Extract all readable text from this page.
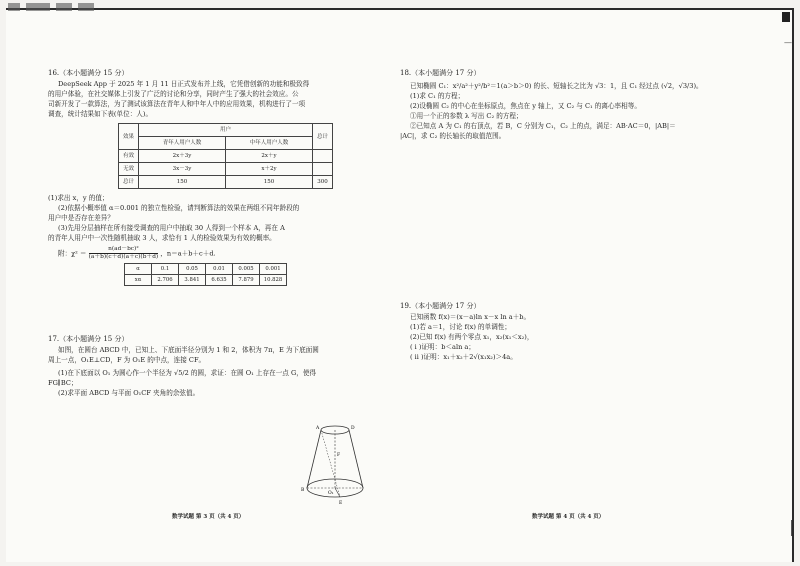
—
16.（本小题满分 15 分）
DeepSeek App 于 2025 年 1 月 11 日正式发布并上线，它凭借创新的功能和极致得
的用户体验，在社交媒体上引发了广泛的讨论和分享，同时产生了强大的社会效应。公
司新开发了一款算法，为了测试该算法在青年人和中年人中的应用效果，机构进行了一项
调查，统计结果如下表(单位：人)。
效果	用户		总计
	青年人用户人数	中年人用户人数	
有效	2x＋3y	2x＋y	
无效	3x－3y	x＋2y	
总计	150	150	300
(1)求出 x，y 的值；
(2)依据小概率值 α＝0.001 的独立性检验，请判断算法的效果在两组不同年龄段的
用户中是否存在差异？
(3)先用分层抽样在所有接受调查的用户中抽取 30 人得到一个样本 A，再在 A
的青年人用户中一次性随机抽取 3 人，求恰有 1 人的检验效果为有效的概率。
附：$\chi^2 = \frac{\text{n(ad－bc)²}}{(a+b)(c+d)(a+c)(b+d)}$ ，n＝a＋b＋c＋d.
α	0.1	0.05	0.01	0.005	0.001
xα	2.706	3.841	6.635	7.879	10.828
17.（本小题满分 15 分）
如图，在圆台 ABCD 中，已知上、下底面半径分别为 1 和 2，体积为 7π，E 为下底面圆
周上一点，O₁E⊥CD，F 为 O₁E 的中点，连接 CF。
(1)在下底面以 O₁ 为圆心作一个半径为 √5/2 的圆，求证：在圆 O₁ 上存在一点 G，使得
FG∥BC；
(2)求平面 ABCD 与平面 O₁CF 夹角的余弦值。
A	D
F
B
O₁
E
18.（本小题满分 17 分）
已知椭圆 C₁：x²/a²＋y²/b²＝1(a＞b＞0) 的长、短轴长之比为 √3：1，且 C₁ 经过点 (√2，√3/3)。
(1)求 C₁ 的方程；
(2)设椭圆 C₂ 的中心在坐标原点，焦点在 y 轴上，又 C₂ 与 C₁ 的离心率相等。
①用一个正的参数 λ 写出 C₂ 的方程；
②已知点 A 为 C₁ 的右顶点，若 B，C 分别为 C₁，C₂ 上的点，满足：AB·AC＝0，|AB|＝
|AC|，求 C₂ 的长轴长的取值范围。
19.（本小题满分 17 分）
已知函数 f(x)＝(x－a)ln x－x ln a＋b。
(1)若 a＝1，讨论 f(x) 的单调性；
(2)已知 f(x) 有两个零点 x₁，x₂(x₁＜x₂)，
( ⅰ )证明：b＜aln a；
( ⅱ )证明：x₁＋x₂＋2√(x₁x₂)＞4a。
数学试题 第 3 页（共 4 页）	数学试题 第 4 页（共 4 页）
